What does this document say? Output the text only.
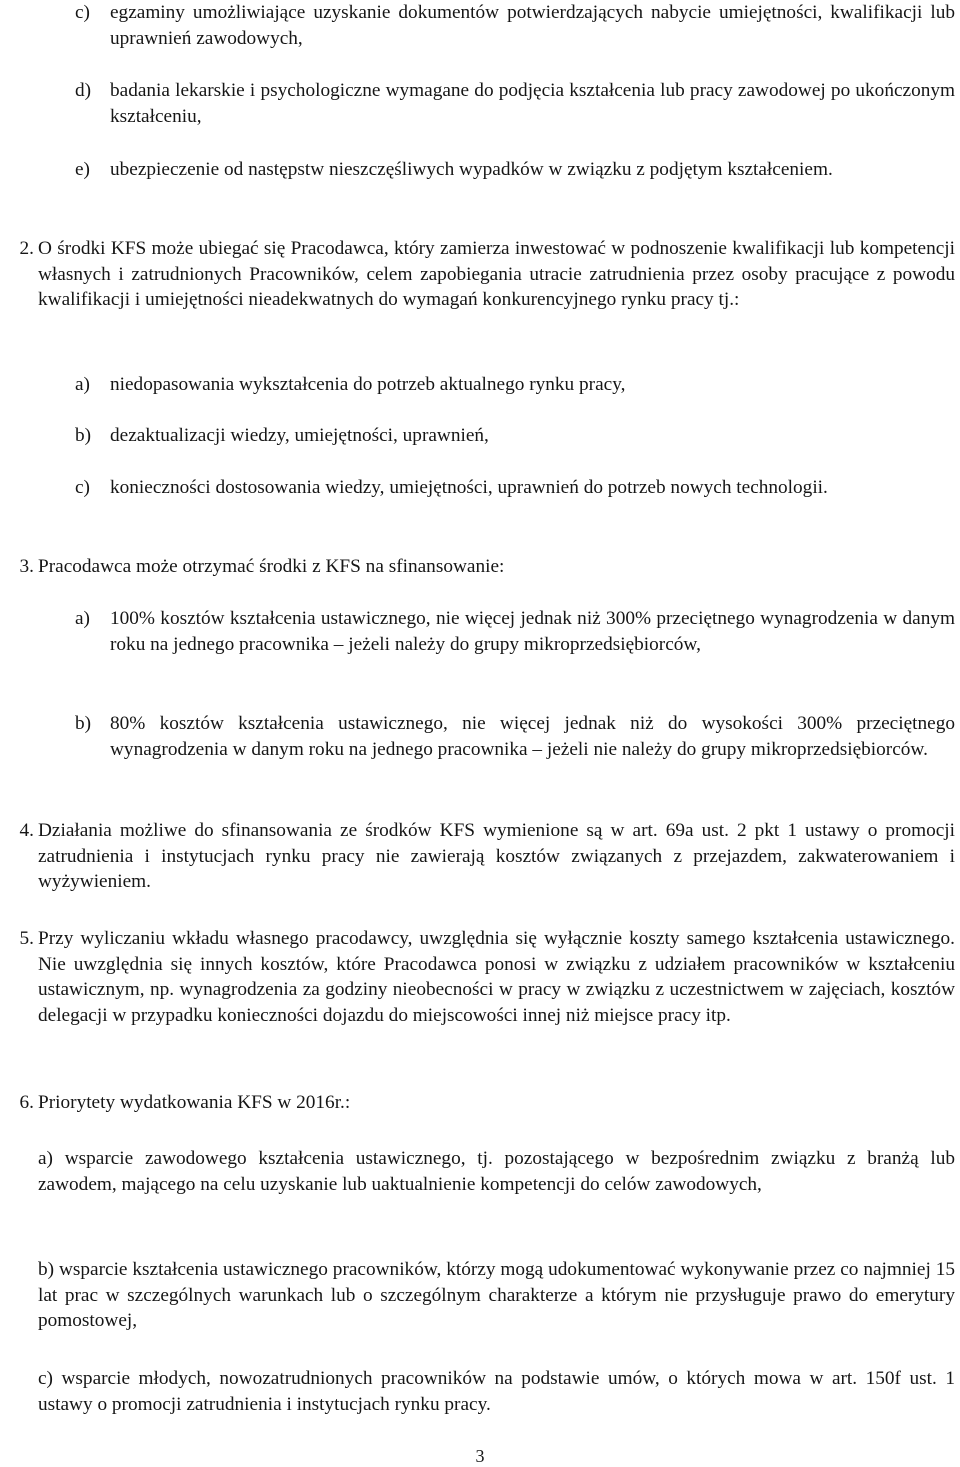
c) egzaminy umożliwiające uzyskanie dokumentów potwierdzających nabycie umiejętności, kwalifikacji lub uprawnień zawodowych,
d) badania lekarskie i psychologiczne wymagane do podjęcia kształcenia lub pracy zawodowej po ukończonym kształceniu,
e) ubezpieczenie od następstw nieszczęśliwych wypadków w związku z podjętym kształceniem.
2. O środki KFS może ubiegać się Pracodawca, który zamierza inwestować w podnoszenie kwalifikacji lub kompetencji własnych i zatrudnionych Pracowników, celem zapobiegania utracie zatrudnienia przez osoby pracujące z powodu kwalifikacji i umiejętności nieadekwatnych do wymagań konkurencyjnego rynku pracy tj.:
a) niedopasowania wykształcenia do potrzeb aktualnego rynku pracy,
b) dezaktualizacji wiedzy, umiejętności, uprawnień,
c) konieczności dostosowania wiedzy, umiejętności, uprawnień do potrzeb nowych technologii.
3. Pracodawca może otrzymać środki z KFS na sfinansowanie:
a) 100% kosztów kształcenia ustawicznego, nie więcej jednak niż 300% przeciętnego wynagrodzenia w danym roku na jednego pracownika – jeżeli należy do grupy mikroprzedsiębiorców,
b) 80% kosztów kształcenia ustawicznego, nie więcej jednak niż do wysokości 300% przeciętnego wynagrodzenia w danym roku na jednego pracownika – jeżeli nie należy do grupy mikroprzedsiębiorców.
4. Działania możliwe do sfinansowania ze środków KFS wymienione są w art. 69a ust. 2 pkt 1 ustawy o promocji zatrudnienia i instytucjach rynku pracy nie zawierają kosztów związanych z przejazdem, zakwaterowaniem i wyżywieniem.
5. Przy wyliczaniu wkładu własnego pracodawcy, uwzględnia się wyłącznie koszty samego kształcenia ustawicznego. Nie uwzględnia się innych kosztów, które Pracodawca ponosi w związku z udziałem pracowników w kształceniu ustawicznym, np. wynagrodzenia za godziny nieobecności w pracy w związku z uczestnictwem w zajęciach, kosztów delegacji w przypadku konieczności dojazdu do miejscowości innej niż miejsce pracy itp.
6. Priorytety wydatkowania KFS w 2016r.:
a) wsparcie zawodowego kształcenia ustawicznego, tj. pozostającego w bezpośrednim związku z branżą lub zawodem, mającego na celu uzyskanie lub uaktualnienie kompetencji do celów zawodowych,
b) wsparcie kształcenia ustawicznego pracowników, którzy mogą udokumentować wykonywanie przez co najmniej 15 lat prac w szczególnych warunkach lub o szczególnym charakterze a którym nie przysługuje prawo do emerytury pomostowej,
c) wsparcie młodych, nowozatrudnionych pracowników na podstawie umów, o których mowa w art. 150f ust. 1 ustawy o promocji zatrudnienia i instytucjach rynku pracy.
3
